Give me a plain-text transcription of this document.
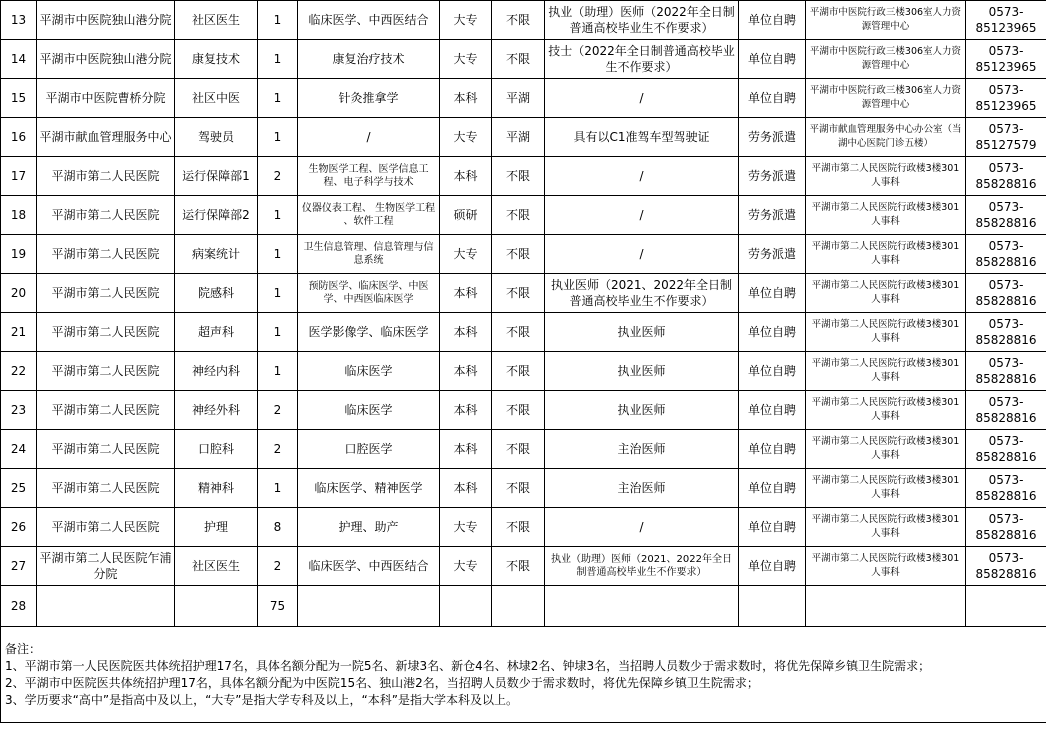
13	平湖市中医院独山港分院	社区医生	1	临床医学、中西医结合	大专	不限	执业（助理）医师（2022年全日制普通高校毕业生不作要求）	单位自聘	平湖市中医院行政三楼306室人力资源管理中心	0573-85123965
14	平湖市中医院独山港分院	康复技术	1	康复治疗技术	大专	不限	技士（2022年全日制普通高校毕业生不作要求）	单位自聘	平湖市中医院行政三楼306室人力资源管理中心	0573-85123965
15	平湖市中医院曹桥分院	社区中医	1	针灸推拿学	本科	平湖	/	单位自聘	平湖市中医院行政三楼306室人力资源管理中心	0573-85123965
16	平湖市献血管理服务中心	驾驶员	1	/	大专	平湖	具有以C1准驾车型驾驶证	劳务派遣	平湖市献血管理服务中心办公室（当湖中心医院门诊五楼）	0573-85127579
17	平湖市第二人民医院	运行保障部1	2	生物医学工程、医学信息工程、电子科学与技术	本科	不限	/	劳务派遣	平湖市第二人民医院行政楼3楼301人事科	0573-85828816
18	平湖市第二人民医院	运行保障部2	1	仪器仪表工程、 生物医学工程 、软件工程	硕研	不限	/	劳务派遣	平湖市第二人民医院行政楼3楼301人事科	0573-85828816
19	平湖市第二人民医院	病案统计	1	卫生信息管理、信息管理与信息系统	大专	不限	/	劳务派遣	平湖市第二人民医院行政楼3楼301人事科	0573-85828816
20	平湖市第二人民医院	院感科	1	预防医学、临床医学、中医学、中西医临床医学	本科	不限	执业医师（2021、2022年全日制普通高校毕业生不作要求）	单位自聘	平湖市第二人民医院行政楼3楼301人事科	0573-85828816
21	平湖市第二人民医院	超声科	1	医学影像学、临床医学	本科	不限	执业医师	单位自聘	平湖市第二人民医院行政楼3楼301人事科	0573-85828816
22	平湖市第二人民医院	神经内科	1	临床医学	本科	不限	执业医师	单位自聘	平湖市第二人民医院行政楼3楼301人事科	0573-85828816
23	平湖市第二人民医院	神经外科	2	临床医学	本科	不限	执业医师	单位自聘	平湖市第二人民医院行政楼3楼301人事科	0573-85828816
24	平湖市第二人民医院	口腔科	2	口腔医学	本科	不限	主治医师	单位自聘	平湖市第二人民医院行政楼3楼301人事科	0573-85828816
25	平湖市第二人民医院	精神科	1	临床医学、精神医学	本科	不限	主治医师	单位自聘	平湖市第二人民医院行政楼3楼301人事科	0573-85828816
26	平湖市第二人民医院	护理	8	护理、助产	大专	不限	/	单位自聘	平湖市第二人民医院行政楼3楼301人事科	0573-85828816
27	平湖市第二人民医院乍浦分院	社区医生	2	临床医学、中西医结合	大专	不限	执业（助理）医师（2021、2022年全日制普通高校毕业生不作要求）	单位自聘	平湖市第二人民医院行政楼3楼301人事科	0573-85828816
28			75							

备注：
1、平湖市第一人民医院医共体统招护理17名，具体名额分配为一院5名、新埭3名、新仓4名、林埭2名、钟埭3名，当招聘人员数少于需求数时，将优先保障乡镇卫生院需求；
2、平湖市中医院医共体统招护理17名，具体名额分配为中医院15名、独山港2名，当招聘人员数少于需求数时，将优先保障乡镇卫生院需求；
3、学历要求“高中”是指高中及以上，“大专”是指大学专科及以上，“本科”是指大学本科及以上。										
